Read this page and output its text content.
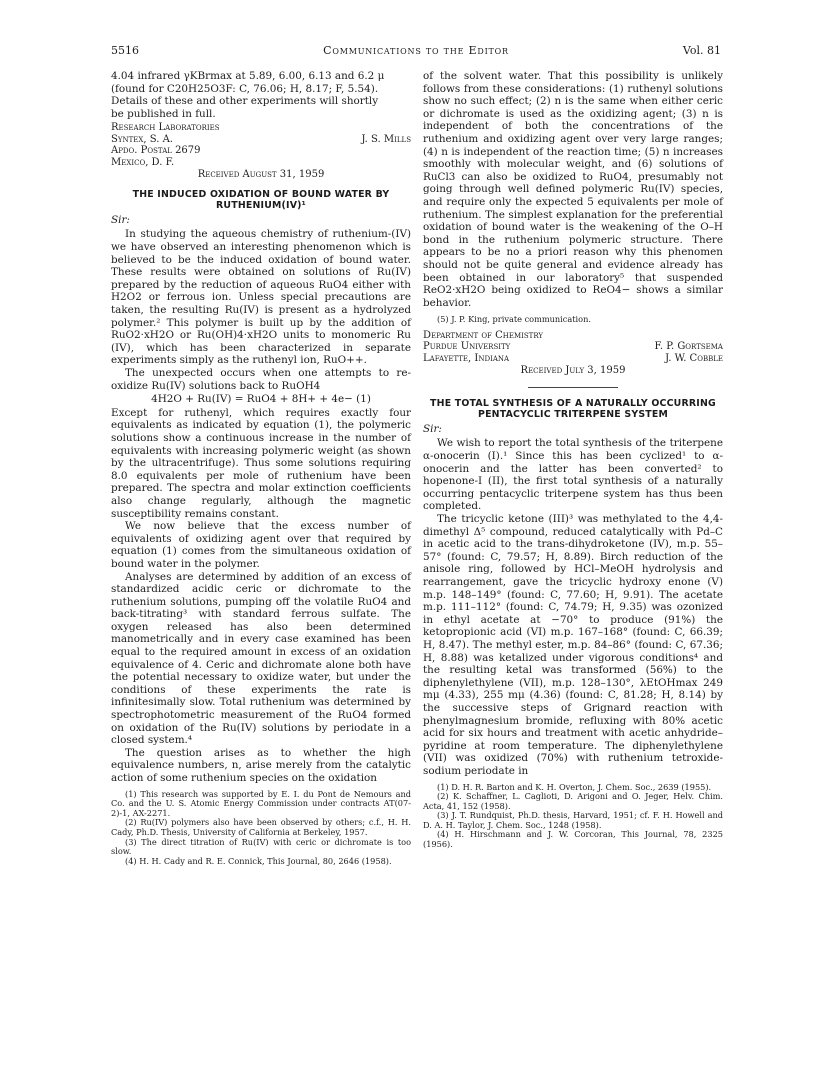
5516	Communications to the Editor	Vol. 81

4.04 infrared γKBrmax at 5.89, 6.00, 6.13 and 6.2 μ

(found for C20H25O3F: C, 76.06; H, 8.17; F, 5.54).

Details of these and other experiments will shortly

be published in full.

Research Laboratories
Syntex, S. A.	J. S. Mills
Apdo. Postal 2679
Mexico, D. F.
Received August 31, 1959
THE INDUCED OXIDATION OF BOUND WATER BY RUTHENIUM(IV)¹
Sir:

In studying the aqueous chemistry of ruthenium-(IV) we have observed an interesting phenomenon which is believed to be the induced oxidation of bound water. These results were obtained on solutions of Ru(IV) prepared by the reduction of aqueous RuO4 either with H2O2 or ferrous ion. Unless special precautions are taken, the resulting Ru(IV) is present as a hydrolyzed polymer.² This polymer is built up by the addition of RuO2·xH2O or Ru(OH)4·xH2O units to monomeric Ru (IV), which has been characterized in separate experiments simply as the ruthenyl ion, RuO++.

The unexpected occurs when one attempts to re-oxidize Ru(IV) solutions back to RuOH4

4H2O + Ru(IV) = RuO4 + 8H+ + 4e− (1)

Except for ruthenyl, which requires exactly four equivalents as indicated by equation (1), the polymeric solutions show a continuous increase in the number of equivalents with increasing polymeric weight (as shown by the ultracentrifuge). Thus some solutions requiring 8.0 equivalents per mole of ruthenium have been prepared. The spectra and molar extinction coefficients also change regularly, although the magnetic susceptibility remains constant.

We now believe that the excess number of equivalents of oxidizing agent over that required by equation (1) comes from the simultaneous oxidation of bound water in the polymer.

Analyses are determined by addition of an excess of standardized acidic ceric or dichromate to the ruthenium solutions, pumping off the volatile RuO4 and back-titrating³ with standard ferrous sulfate. The oxygen released has also been determined manometrically and in every case examined has been equal to the required amount in excess of an oxidation equivalence of 4. Ceric and dichromate alone both have the potential necessary to oxidize water, but under the conditions of these experiments the rate is infinitesimally slow. Total ruthenium was determined by spectrophotometric measurement of the RuO4 formed on oxidation of the Ru(IV) solutions by periodate in a closed system.⁴

The question arises as to whether the high equivalence numbers, n, arise merely from the catalytic action of some ruthenium species on the oxidation

(1) This research was supported by E. I. du Pont de Nemours and Co. and the U. S. Atomic Energy Commission under contracts AT(07-2)-1, AX-2271.

(2) Ru(IV) polymers also have been observed by others; c.f., H. H. Cady, Ph.D. Thesis, University of California at Berkeley, 1957.

(3) The direct titration of Ru(IV) with ceric or dichromate is too slow.

(4) H. H. Cady and R. E. Connick, This Journal, 80, 2646 (1958).

of the solvent water. That this possibility is unlikely follows from these considerations: (1) ruthenyl solutions show no such effect; (2) n is the same when either ceric or dichromate is used as the oxidizing agent; (3) n is independent of both the concentrations of the ruthenium and oxidizing agent over very large ranges; (4) n is independent of the reaction time; (5) n increases smoothly with molecular weight, and (6) solutions of RuCl3 can also be oxidized to RuO4, presumably not going through well defined polymeric Ru(IV) species, and require only the expected 5 equivalents per mole of ruthenium. The simplest explanation for the preferential oxidation of bound water is the weakening of the O–H bond in the ruthenium polymeric structure. There appears to be no a priori reason why this phenomen should not be quite general and evidence already has been obtained in our laboratory⁵ that suspended ReO2·xH2O being oxidized to ReO4− shows a similar behavior.

(5) J. P. King, private communication.

Department of Chemistry
Purdue University	F. P. Gortsema
Lafayette, Indiana	J. W. Cobble
Received July 3, 1959
THE TOTAL SYNTHESIS OF A NATURALLY OCCURRING PENTACYCLIC TRITERPENE SYSTEM
Sir:

We wish to report the total synthesis of the triterpene α-onocerin (I).¹ Since this has been cyclized¹ to α-onocerin and the latter has been converted² to hopenone-I (II), the first total synthesis of a naturally occurring pentacyclic triterpene system has thus been completed.

The tricyclic ketone (III)³ was methylated to the 4,4-dimethyl Δ⁵ compound, reduced catalytically with Pd–C in acetic acid to the trans-dihydroketone (IV), m.p. 55–57° (found: C, 79.57; H, 8.89). Birch reduction of the anisole ring, followed by HCl–MeOH hydrolysis and rearrangement, gave the tricyclic hydroxy enone (V) m.p. 148–149° (found: C, 77.60; H, 9.91). The acetate m.p. 111–112° (found: C, 74.79; H, 9.35) was ozonized in ethyl acetate at −70° to produce (91%) the ketopropionic acid (VI) m.p. 167–168° (found: C, 66.39; H, 8.47). The methyl ester, m.p. 84–86° (found: C, 67.36; H, 8.88) was ketalized under vigorous conditions⁴ and the resulting ketal was transformed (56%) to the diphenylethylene (VII), m.p. 128–130°, λEtOHmax 249 mμ (4.33), 255 mμ (4.36) (found: C, 81.28; H, 8.14) by the successive steps of Grignard reaction with phenylmagnesium bromide, refluxing with 80% acetic acid for six hours and treatment with acetic anhydride–pyridine at room temperature. The diphenylethylene (VII) was oxidized (70%) with ruthenium tetroxide-sodium periodate in

(1) D. H. R. Barton and K. H. Overton, J. Chem. Soc., 2639 (1955).

(2) K. Schaffner, L. Caglioti, D. Arigoni and O. Jeger, Helv. Chim. Acta, 41, 152 (1958).

(3) J. T. Rundquist, Ph.D. thesis, Harvard, 1951; cf. F. H. Howell and D. A. H. Taylor, J. Chem. Soc., 1248 (1958).

(4) H. Hirschmann and J. W. Corcoran, This Journal, 78, 2325 (1956).
